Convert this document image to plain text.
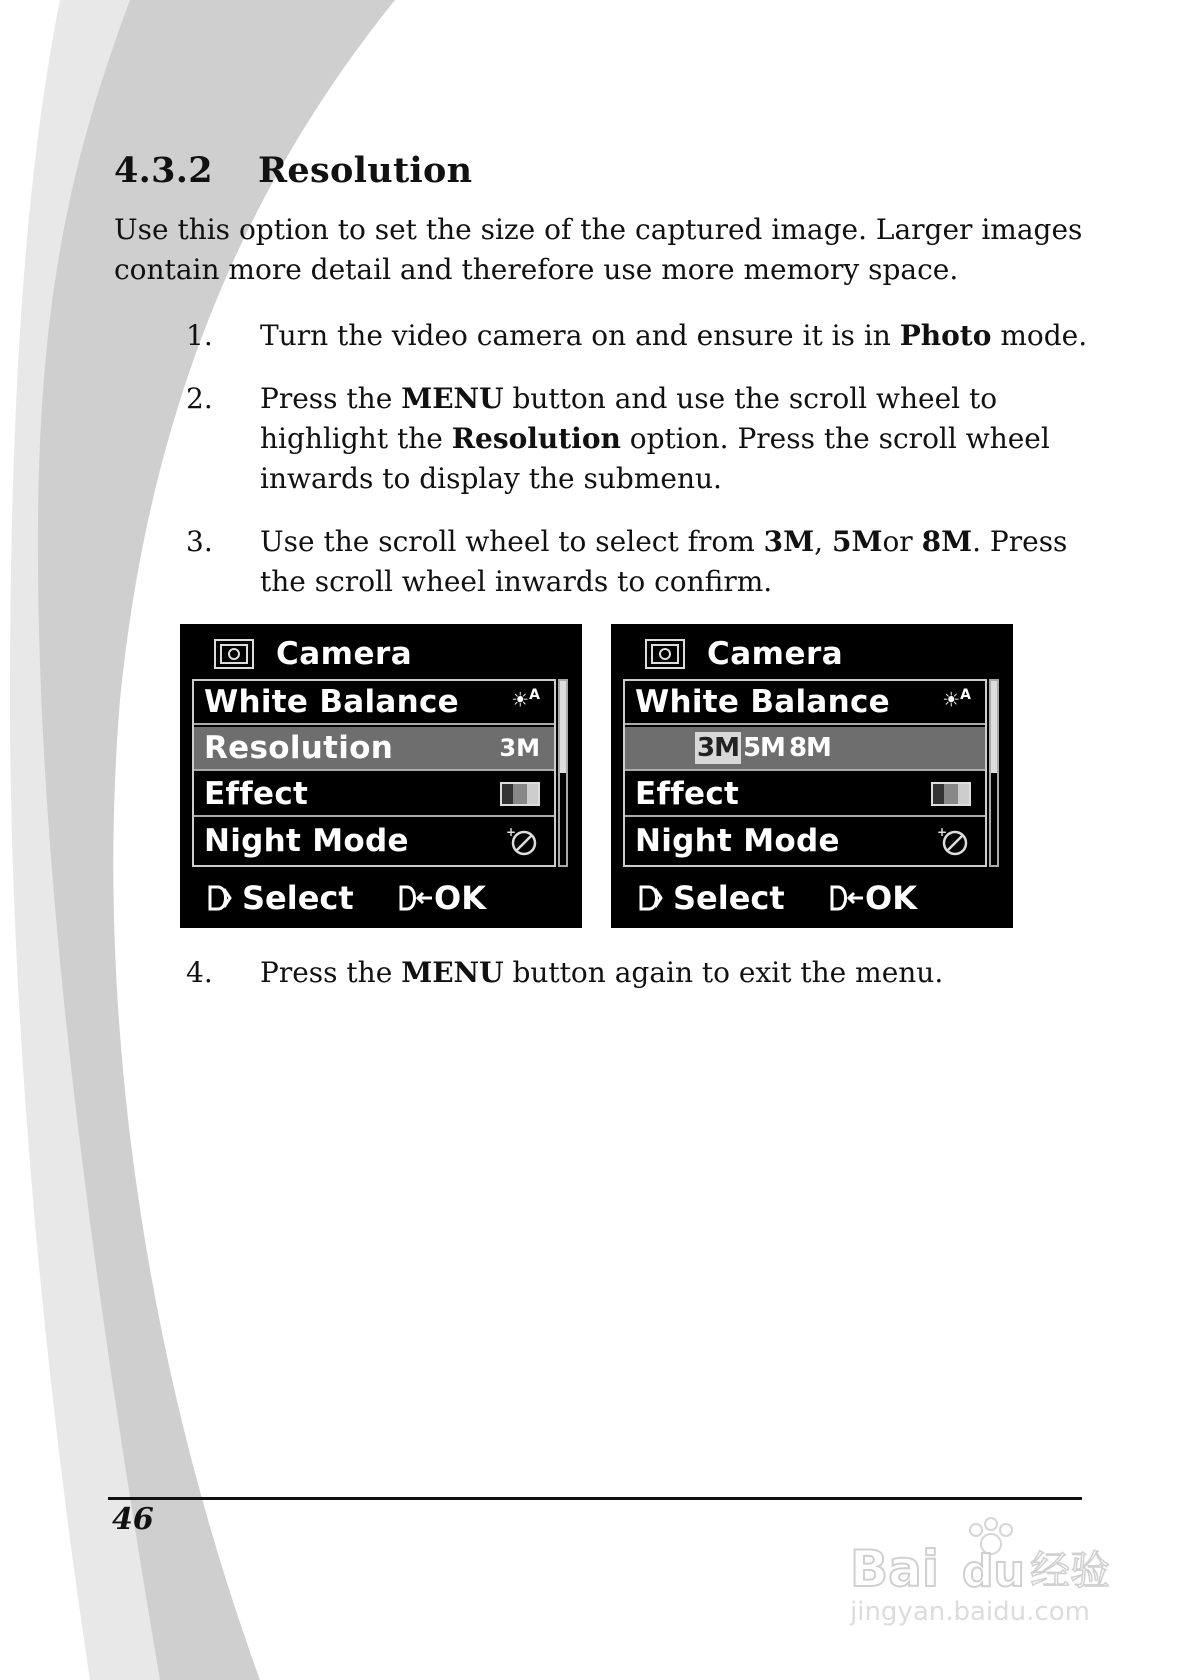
4.3.2 Resolution

Use this option to set the size of the captured image. Larger images contain more detail and therefore use more memory space.

1. Turn the video camera on and ensure it is in Photo mode.
2. Press the MENU button and use the scroll wheel to highlight the Resolution option. Press the scroll wheel inwards to display the submenu.
3. Use the scroll wheel to select from 3M, 5Mor 8M. Press the scroll wheel inwards to confirm.
Camera
White Balance	☀$^A$
Resolution	3M
Effect
Night Mode	+
Select	OK
Camera
White Balance	☀$^A$
3M 5M 8M
Effect
Night Mode	+
Select	OK
4. Press the MENU button again to exit the menu.
46
Bai du 经验
jingyan.baidu.com
